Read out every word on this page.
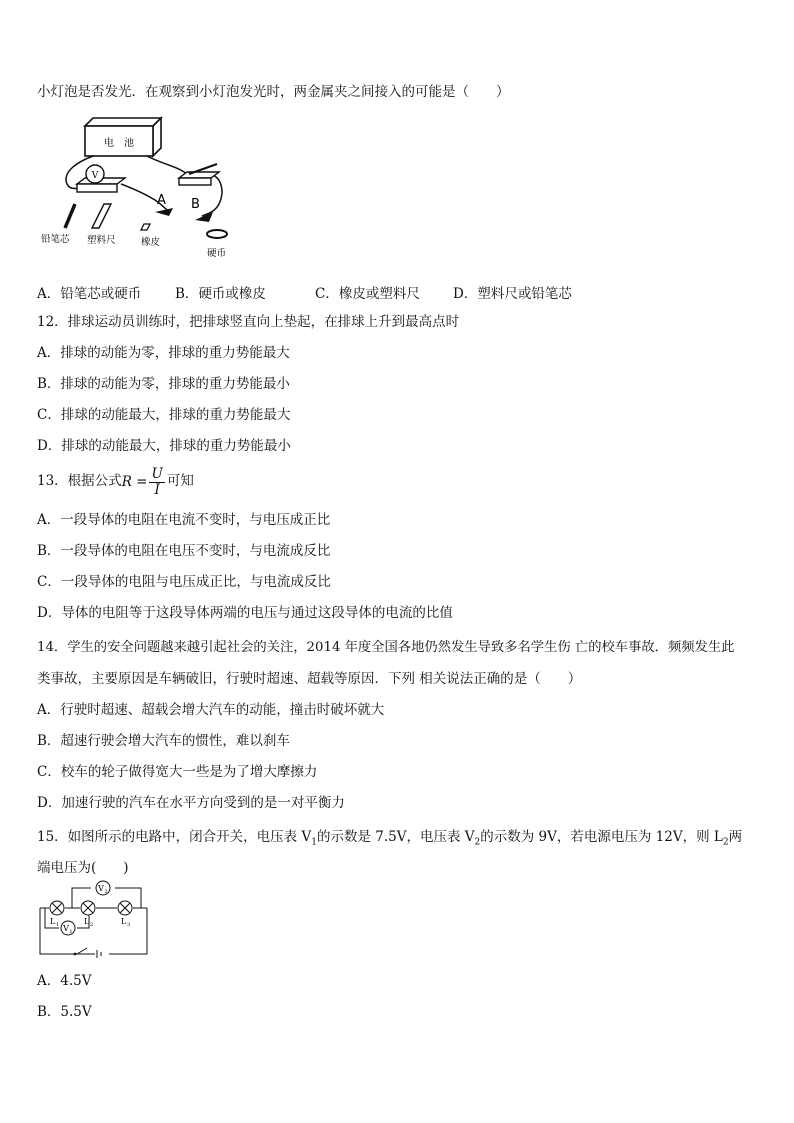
小灯泡是否发光．在观察到小灯泡发光时，两金属夹之间接入的可能是（　　）
电　池
V
A B
铅笔芯 塑料尺	橡皮
硬币
A．铅笔芯或硬币	B．硬币或橡皮	C．橡皮或塑料尺 D．塑料尺或铅笔芯
12．排球运动员训练时，把排球竖直向上垫起，在排球上升到最高点时
A．排球的动能为零，排球的重力势能最大
B．排球的动能为零，排球的重力势能最小
C．排球的动能最大，排球的重力势能最大
D．排球的动能最大，排球的重力势能最小
13．根据公式$R = \frac{U}{I}$ 可知
A．一段导体的电阻在电流不变时，与电压成正比
B．一段导体的电阻在电压不变时，与电流成反比
C．一段导体的电阻与电压成正比，与电流成反比
D．导体的电阻等于这段导体两端的电压与通过这段导体的电流的比值
14．学生的安全问题越来越引起社会的关注，2014 年度全国各地仍然发生导致多名学生伤 亡的校车事故．频频发生此
类事故，主要原因是车辆破旧，行驶时超速、超载等原因．下列 相关说法正确的是（　　）
A．行驶时超速、超载会增大汽车的动能，撞击时破坏就大
B．超速行驶会增大汽车的惯性，难以刹车
C．校车的轮子做得宽大一些是为了增大摩擦力
D．加速行驶的汽车在水平方向受到的是一对平衡力
15．如图所示的电路中，闭合开关，电压表 $V_1$的示数是 7.5V，电压表 $V_2$的示数为 9V，若电源电压为 12V，则 $L_2$两
端电压为(　　)
V 2
V 1
L 1	L 2	L 3
A．4.5V
B．5.5V
